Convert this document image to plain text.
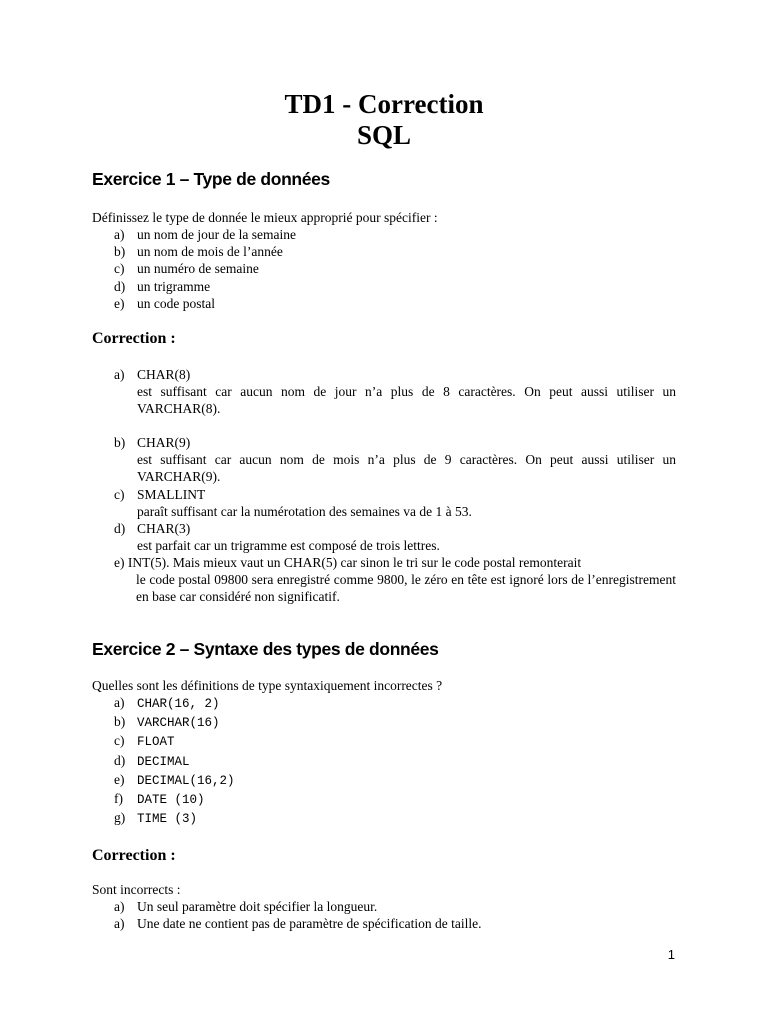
TD1 - Correction
SQL
Exercice 1 – Type de données
Définissez le type de donnée le mieux approprié pour spécifier :
a) un nom de jour de la semaine
b) un nom de mois de l’année
c) un numéro de semaine
d) un trigramme
e) un code postal
Correction :
a) CHAR(8)
est suffisant car aucun nom de jour n’a plus de 8 caractères. On peut aussi utiliser un VARCHAR(8).
b) CHAR(9)
est suffisant car aucun nom de mois n’a plus de 9 caractères. On peut aussi utiliser un VARCHAR(9).
c) SMALLINT
paraît suffisant car la numérotation des semaines va de 1 à 53.
d) CHAR(3)
est parfait car un trigramme est composé de trois lettres.
e) INT(5). Mais mieux vaut un CHAR(5) car sinon le tri sur le code postal remonterait
le code postal 09800 sera enregistré comme 9800, le zéro en tête est ignoré lors de l’enregistrement en base car considéré non significatif.
Exercice 2 – Syntaxe des types de données
Quelles sont les définitions de type syntaxiquement incorrectes ?
a) CHAR(16, 2)
b) VARCHAR(16)
c) FLOAT
d) DECIMAL
e) DECIMAL(16,2)
f) DATE (10)
g) TIME (3)
Correction :
Sont incorrects :
a) Un seul paramètre doit spécifier la longueur.
a) Une date ne contient pas de paramètre de spécification de taille.
1
